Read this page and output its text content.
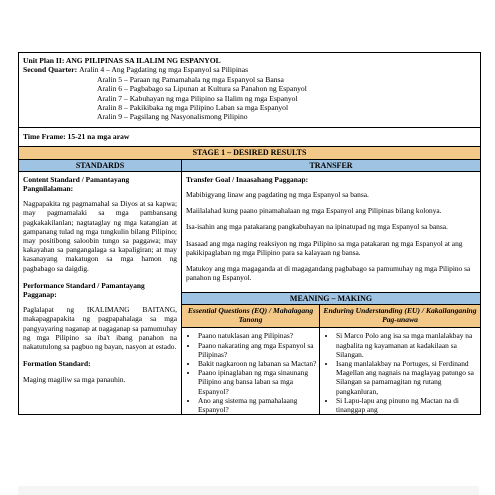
Unit Plan II: ANG PILIPINAS SA ILALIM NG ESPANYOL
Second Quarter: Aralin 4 – Ang Pagdating ng mga Espanyol sa Pilipinas
Aralin 5 – Paraan ng Pamamahala ng mga Espanyol sa Bansa
Aralin 6 – Pagbabago sa Lipunan at Kultura sa Panahon ng Espanyol
Aralin 7 – Kabuhayan ng mga Pilipino sa Ilalim ng mga Espanyol
Aralin 8 – Pakikibaka ng mga Pilipino Laban sa mga Espanyol
Aralin 9 – Pagsilang ng Nasyonalismong Pilipino
Time Frame: 15-21 na mga araw
STAGE 1 – DESIRED RESULTS
STANDARDS
Content Standard / Pamantayang Pangnilalaman:

Nagpapakita ng pagmamahal sa Diyos at sa kapwa; may pagmamalaki sa mga pambansang pagkakakilanlan; nagtataglay ng mga katangian at gampanang tulad ng mga tungkulin bilang Pilipino; may positibong saloobin tungo sa paggawa; may kakayahan sa pangangalaga sa kapaligiran; at may kasanayang makatugon sa mga hamon ng pagbabago sa daigdig.

Performance Standard / Pamantayang Pagganap:

Paglalapat ng IKALIMANG BAITANG, makapagpapakita ng pagpapahalaga sa mga pangyayaring naganap at nagaganap sa pamumuhay ng mga Pilipino sa iba't ibang panahon na nakatutulong sa pagbuo ng bayan, nasyon at estado.

Formation Standard:

Maging magiliw sa mga panauhin.

TRANSFER
Transfer Goal / Inaasahang Pagganap:

Mabibigyang linaw ang pagdating ng mga Espanyol sa bansa.

Maiilalahad kung paano pinamahalaan ng mga Espanyol ang Pilipinas bilang kolonya.

Isa-isahin ang mga patakarang pangkabuhayan na ipinatupad ng mga Espanyol sa bansa.

Isasaad ang mga naging reaksiyon ng mga Pilipino sa mga patakaran ng mga Espanyol at ang pakikipaglaban ng mga Pilipino para sa kalayaan ng bansa.

Matukoy ang mga magaganda at di magagandang pagbabago sa pamumuhay ng mga Pilipino sa panahon ng Espanyol.

MEANING – MAKING
Essential Questions (EQ) / Mahalagang Tanong
• Paano natuklasan ang Pilipinas?
• Paano nakarating ang mga Espanyol sa Pilipinas?
• Bakit nagkaroon ng labanan sa Mactan?
• Paano ipinaglaban ng mga sinaunang Pilipino ang bansa laban sa mga Espanyol?
• Ano ang sistema ng pamahalaang Espanyol?
Enduring Understanding (EU) / Kakailanganing Pag-unawa
• Si Marco Polo ang isa sa mga manlalakbay na nagbalita ng kayamanan at kadakilaan sa Silangan.
• Isang manlalakbay na Portuges, si Ferdinand Magellan ang nagnais na maglayag patungo sa Silangan sa pamamagitan ng rutang pangkanluran,
• Si Lapu-lapu ang pinuno ng Mactan na di tinanggap ang
